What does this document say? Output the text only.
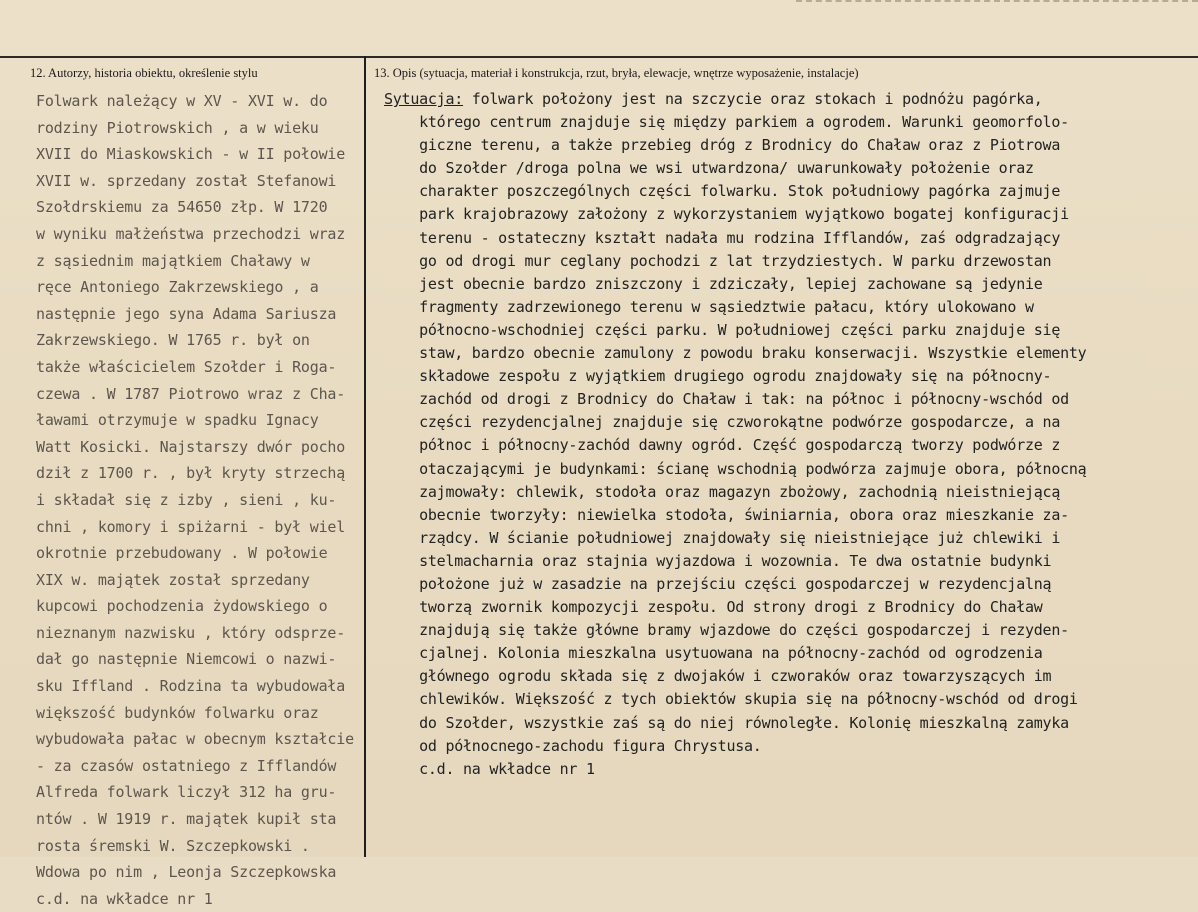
12. Autorzy, historia obiektu, określenie stylu	13. Opis (sytuacja, materiał i konstrukcja, rzut, bryła, elewacje, wnętrze wyposażenie, instalacje)
Folwark należący w XV - XVI w. do
rodziny Piotrowskich , a w wieku
XVII do Miaskowskich - w II połowie
XVII w. sprzedany został Stefanowi
Szołdrskiemu za 54650 złp. W 1720
w wyniku małżeństwa przechodzi wraz
z sąsiednim majątkiem Chaławy w
ręce Antoniego Zakrzewskiego , a
następnie jego syna Adama Sariusza
Zakrzewskiego. W 1765 r. był on
także właścicielem Szołder i Roga-
czewa . W 1787 Piotrowo wraz z Cha-
ławami otrzymuje w spadku Ignacy
Watt Kosicki. Najstarszy dwór pocho
dził z 1700 r. , był kryty strzechą
i składał się z izby , sieni , ku-
chni , komory i spiżarni - był wiel
okrotnie przebudowany . W połowie
XIX w. majątek został sprzedany
kupcowi pochodzenia żydowskiego o
nieznanym nazwisku , który odsprze-
dał go następnie Niemcowi o nazwi-
sku Iffland . Rodzina ta wybudowała
większość budynków folwarku oraz
wybudowała pałac w obecnym kształcie
- za czasów ostatniego z Ifflandów
Alfreda folwark liczył 312 ha gru-
ntów . W 1919 r. majątek kupił sta
rosta śremski W. Szczepkowski .
Wdowa po nim , Leonja Szczepkowska
c.d. na wkładce nr 1
Sytuacja: folwark położony jest na szczycie oraz stokach i podnóżu pagórka,
którego centrum znajduje się między parkiem a ogrodem. Warunki geomorfolo-
giczne terenu, a także przebieg dróg z Brodnicy do Chaław oraz z Piotrowa
do Szołder /droga polna we wsi utwardzona/ uwarunkowały położenie oraz
charakter poszczególnych części folwarku. Stok południowy pagórka zajmuje
park krajobrazowy założony z wykorzystaniem wyjątkowo bogatej konfiguracji
terenu - ostateczny kształt nadała mu rodzina Ifflandów, zaś odgradzający
go od drogi mur ceglany pochodzi z lat trzydziestych. W parku drzewostan
jest obecnie bardzo zniszczony i zdziczały, lepiej zachowane są jedynie
fragmenty zadrzewionego terenu w sąsiedztwie pałacu, który ulokowano w
północno-wschodniej części parku. W południowej części parku znajduje się
staw, bardzo obecnie zamulony z powodu braku konserwacji. Wszystkie elementy
składowe zespołu z wyjątkiem drugiego ogrodu znajdowały się na północny-
zachód od drogi z Brodnicy do Chaław i tak: na północ i północny-wschód od
części rezydencjalnej znajduje się czworokątne podwórze gospodarcze, a na
północ i północny-zachód dawny ogród. Część gospodarczą tworzy podwórze z
otaczającymi je budynkami: ścianę wschodnią podwórza zajmuje obora, północną
zajmowały: chlewik, stodoła oraz magazyn zbożowy, zachodnią nieistniejącą
obecnie tworzyły: niewielka stodoła, świniarnia, obora oraz mieszkanie za-
rządcy. W ścianie południowej znajdowały się nieistniejące już chlewiki i
stelmacharnia oraz stajnia wyjazdowa i wozownia. Te dwa ostatnie budynki
położone już w zasadzie na przejściu części gospodarczej w rezydencjalną
tworzą zwornik kompozycji zespołu. Od strony drogi z Brodnicy do Chaław
znajdują się także główne bramy wjazdowe do części gospodarczej i rezyden-
cjalnej. Kolonia mieszkalna usytuowana na północny-zachód od ogrodzenia
głównego ogrodu składa się z dwojaków i czworaków oraz towarzyszących im
chlewików. Większość z tych obiektów skupia się na północny-wschód od drogi
do Szołder, wszystkie zaś są do niej równoległe. Kolonię mieszkalną zamyka
od północnego-zachodu figura Chrystusa.
c.d. na wkładce nr 1
